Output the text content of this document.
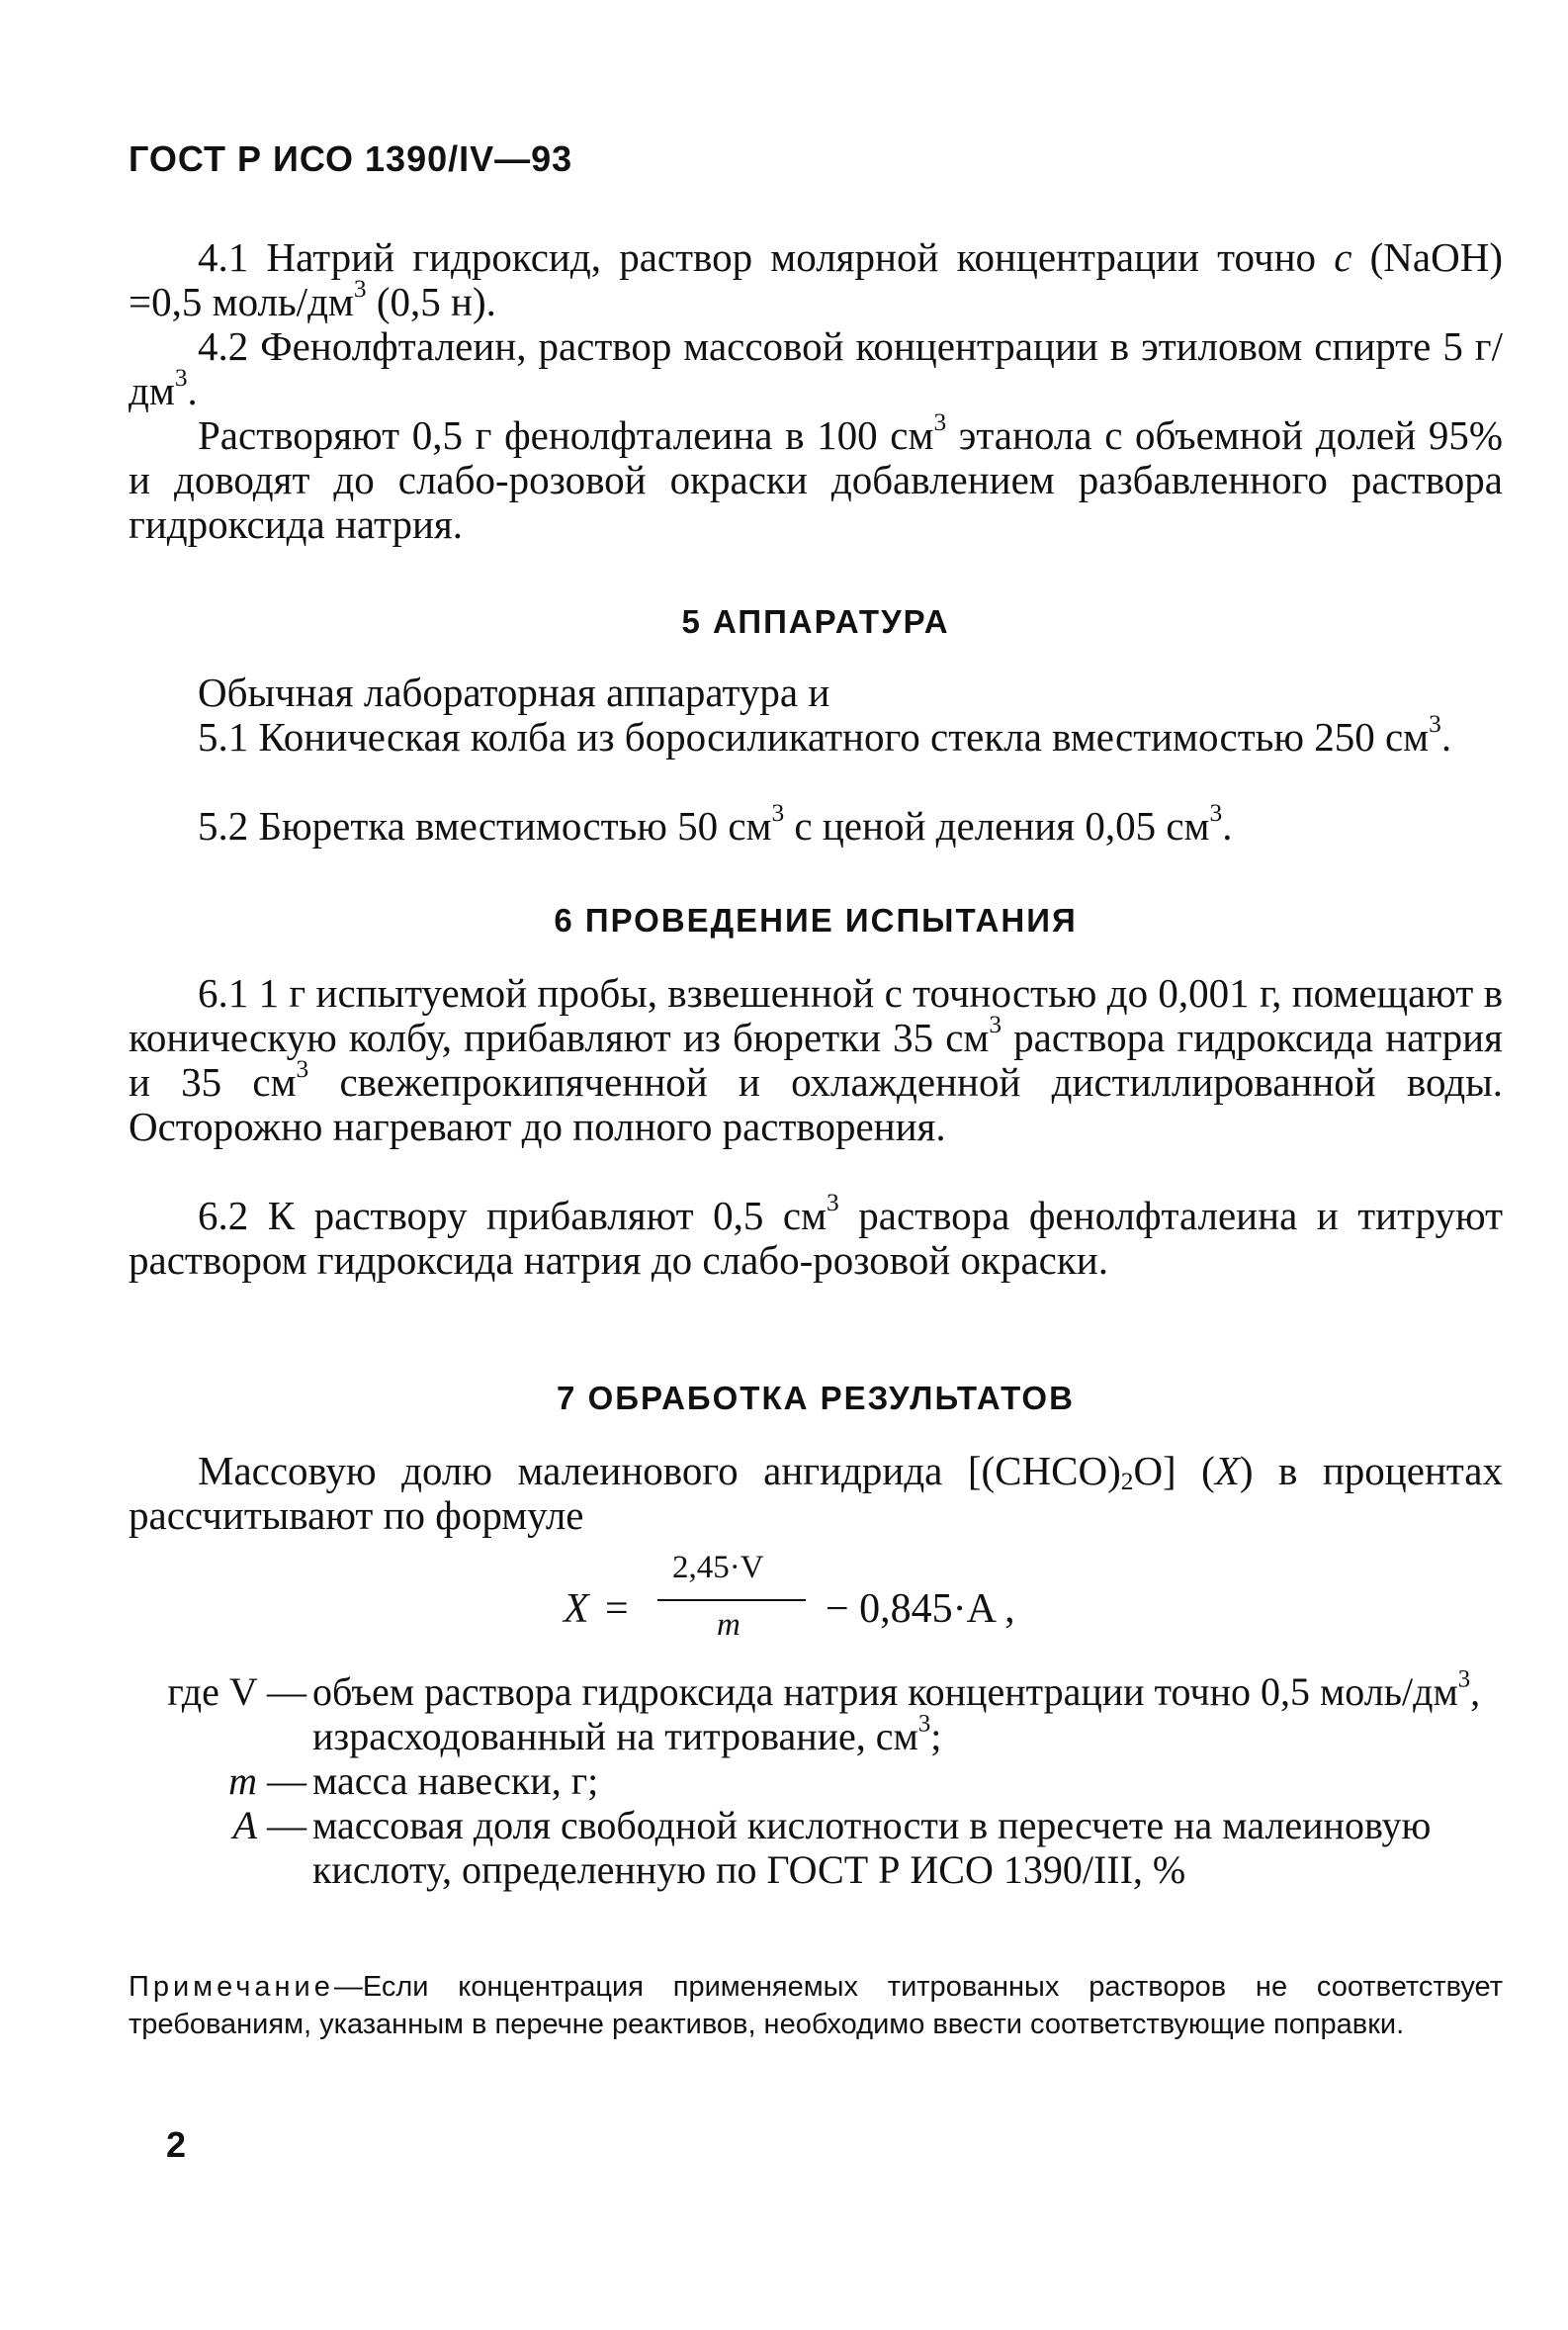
ГОСТ Р ИСО 1390/IV—93
4.1 Натрий гидроксид, раствор молярной концентрации точно c (NaOH) =0,5 моль/$дм^3$ (0,5 н).
4.2 Фенолфталеин, раствор массовой концентрации в этиловом спирте 5 $г/дм^3$.
Растворяют 0,5 г фенолфталеина в 100 $см^3$ этанола с объемной долей 95% и доводят до слабо-розовой окраски добавлением разбавленного раствора гидроксида натрия.
5 АППАРАТУРА
Обычная лабораторная аппаратура и
5.1 Коническая колба из боросиликатного стекла вместимостью 250 $см^3$.
5.2 Бюретка вместимостью 50 $см^3$ с ценой деления 0,05 $см^3$.
6 ПРОВЕДЕНИЕ ИСПЫТАНИЯ
6.1 1 г испытуемой пробы, взвешенной с точностью до 0,001 г, помещают в коническую колбу, прибавляют из бюретки 35 $см^3$ раствора гидроксида натрия и 35 $см^3$ свежепрокипяченной и охлажденной дистиллированной воды. Осторожно нагревают до полного растворения.
6.2 К раствору прибавляют 0,5 $см^3$ раствора фенолфталеина и титруют раствором гидроксида натрия до слабо-розовой окраски.
7 ОБРАБОТКА РЕЗУЛЬТАТОВ
Массовую долю малеинового ангидрида $[(CHCO)_2O]$ (X) в процентах рассчитывают по формуле
X =
2,45·V
m − 0,845·A ,
где V — объем раствора гидроксида натрия концентрации точно 0,5 моль/$дм^3$, израсходованный на титрование, $см^3$;
m — масса навески, г;
A — массовая доля свободной кислотности в пересчете на малеиновую кислоту, определенную по ГОСТ Р ИСО 1390/III, %
Примечание—Если концентрация применяемых титрованных растворов не соответствует требованиям, указанным в перечне реактивов, необходимо ввести соответствующие поправки.
2
